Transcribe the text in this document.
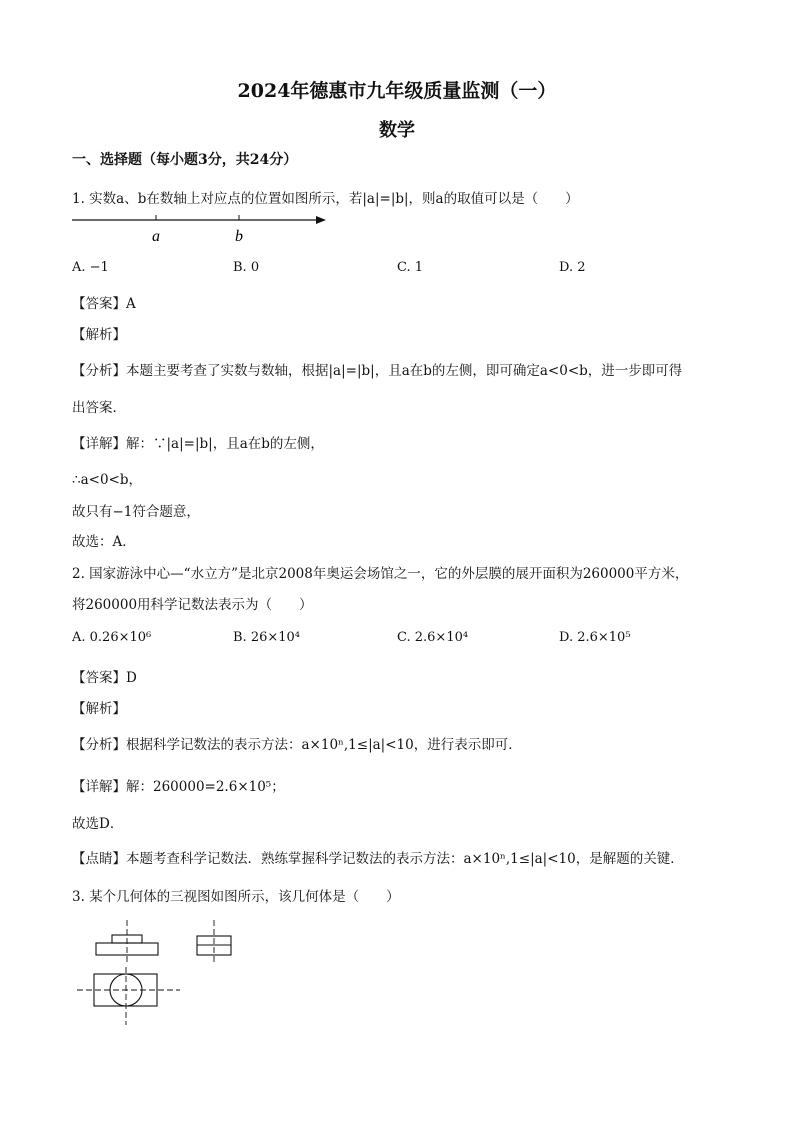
2024年德惠市九年级质量监测（一）
数学
一、选择题（每小题3分，共24分）
1. 实数a、b在数轴上对应点的位置如图所示，若|a|=|b|，则a的取值可以是（　　）
a	b
A. −1	B. 0	C. 1	D. 2
【答案】A
【解析】
【分析】本题主要考查了实数与数轴，根据|a|=|b|，且a在b的左侧，即可确定a<0<b，进一步即可得
出答案．
【详解】解：∵|a|=|b|，且a在b的左侧，
∴a<0<b，
故只有−1符合题意，
故选：A．
2. 国家游泳中心—“水立方”是北京2008年奥运会场馆之一，它的外层膜的展开面积为260000平方米，
将260000用科学记数法表示为（　　）
A. 0.26×10⁶	B. 26×10⁴	C. 2.6×10⁴	D. 2.6×10⁵
【答案】D
【解析】
【分析】根据科学记数法的表示方法：a×10ⁿ,1≤|a|<10，进行表示即可．
【详解】解：260000=2.6×10⁵；
故选D．
【点睛】本题考查科学记数法．熟练掌握科学记数法的表示方法：a×10ⁿ,1≤|a|<10，是解题的关键．
3. 某个几何体的三视图如图所示，该几何体是（　　）
